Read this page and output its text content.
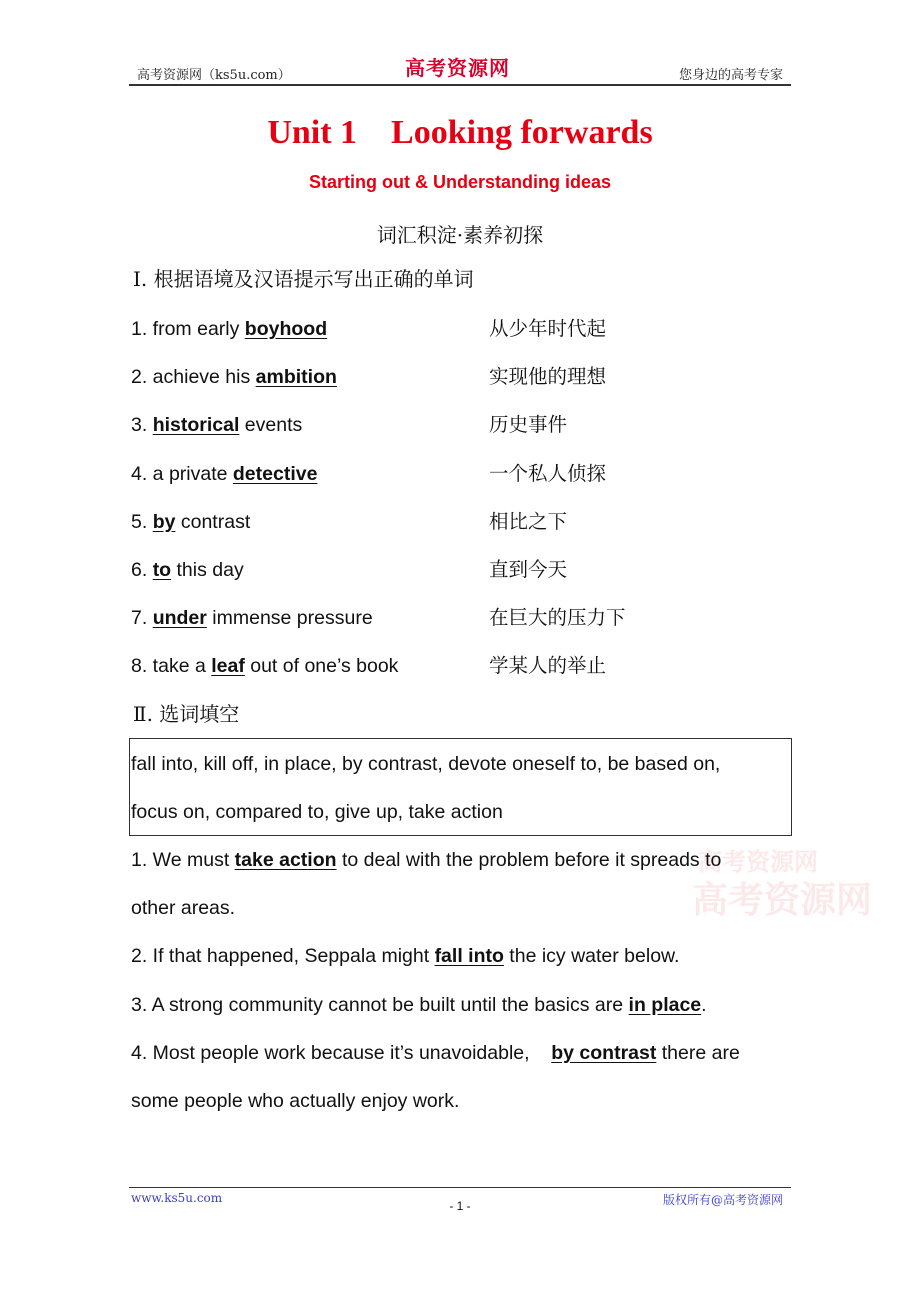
高考资源网（ks5u.com）	高考资源网	您身边的高考专家
Unit 1    Looking forwards
Starting out & Understanding ideas
词汇积淀·素养初探
Ⅰ. 根据语境及汉语提示写出正确的单词
1. from early boyhood	从少年时代起
2. achieve his ambition	实现他的理想
3. historical events	历史事件
4. a private detective	一个私人侦探
5. by contrast	相比之下
6. to this day	直到今天
7. under immense pressure	在巨大的压力下
8. take a leaf out of one’s book	学某人的举止
Ⅱ. 选词填空
fall into, kill off, in place, by contrast, devote oneself to, be based on,
focus on, compared to, give up, take action
高考资源网
高考资源网
1. We must take action to deal with the problem before it spreads to
other areas.
2. If that happened, Seppala might fall into the icy water below.
3. A strong community cannot be built until the basics are in place.
4. Most people work because it’s unavoidable,    by contrast there are
some people who actually enjoy work.
www.ks5u.com
- 1 -	版权所有@高考资源网
